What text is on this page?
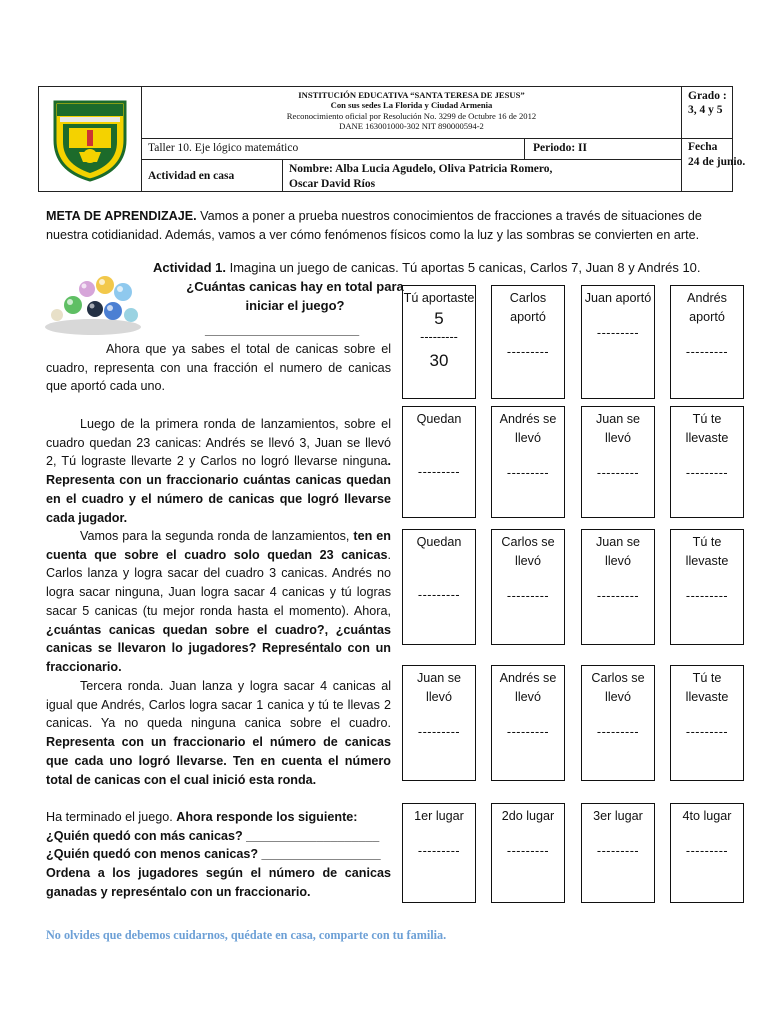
INSTITUCIÓN EDUCATIVA “SANTA TERESA DE JESUS”
Con sus sedes La Florida y Ciudad Armenia
Reconocimiento oficial por Resolución No. 3299 de Octubre 16 de 2012
DANE 163001000-302 NIT 890000594-2
Grado :
3, 4 y 5
Taller 10. Eje lógico matemático	Periodo: II
Actividad en casa
Nombre: Alba Lucia Agudelo, Oliva Patricia Romero,
Oscar David Ríos
Fecha
24 de junio.
META DE APRENDIZAJE. Vamos a poner a prueba nuestros conocimientos de fracciones a través de situaciones de nuestra cotidianidad. Además, vamos a ver cómo fenómenos físicos como la luz y las sombras se convierten en arte.
Actividad 1. Imagina un juego de canicas. Tú aportas 5 canicas, Carlos 7, Juan 8 y Andrés 10.
¿Cuántas canicas hay en total para iniciar el juego?
______________________
Ahora que ya sabes el total de canicas sobre el cuadro, representa con una fracción el numero de canicas que aportó cada uno.
Luego de la primera ronda de lanzamientos, sobre el cuadro quedan 23 canicas: Andrés se llevó 3, Juan se llevó 2, Tú lograste llevarte 2 y Carlos no logró llevarse ninguna. Representa con un fraccionario cuántas canicas quedan en el cuadro y el número de canicas que logró llevarse cada jugador.
Vamos para la segunda ronda de lanzamientos, ten en cuenta que sobre el cuadro solo quedan 23 canicas. Carlos lanza y logra sacar del cuadro 3 canicas. Andrés no logra sacar ninguna, Juan logra sacar 4 canicas y tú logras sacar 5 canicas (tu mejor ronda hasta el momento). Ahora, ¿cuántas canicas quedan sobre el cuadro?, ¿cuántas canicas se llevaron lo jugadores? Represéntalo con un fraccionario.
Tercera ronda. Juan lanza y logra sacar 4 canicas al igual que Andrés, Carlos logra sacar 1 canica y tú te llevas 2 canicas. Ya no queda ninguna canica sobre el cuadro. Representa con un fraccionario el número de canicas que cada uno logró llevarse. Ten en cuenta el número total de canicas con el cual inició esta ronda.
Ha terminado el juego. Ahora responde los siguiente:
¿Quién quedó con más canicas? ___________________
¿Quién quedó con menos canicas? _________________
Ordena a los jugadores según el número de canicas ganadas y represéntalo con un fraccionario.
Tú aportaste
5
---------
30
Carlos aportó
---------
Juan aportó
---------
Andrés aportó
---------
Quedan
---------
Andrés se llevó
---------
Juan se llevó
---------
Tú te llevaste
---------
Quedan
---------
Carlos se llevó
---------
Juan se llevó
---------
Tú te llevaste
---------
Juan se llevó
---------
Andrés se llevó
---------
Carlos se llevó
---------
Tú te llevaste
---------
1er lugar
---------
2do lugar
---------
3er lugar
---------
4to lugar
---------
No olvides que debemos cuidarnos, quédate en casa, comparte con tu familia.
